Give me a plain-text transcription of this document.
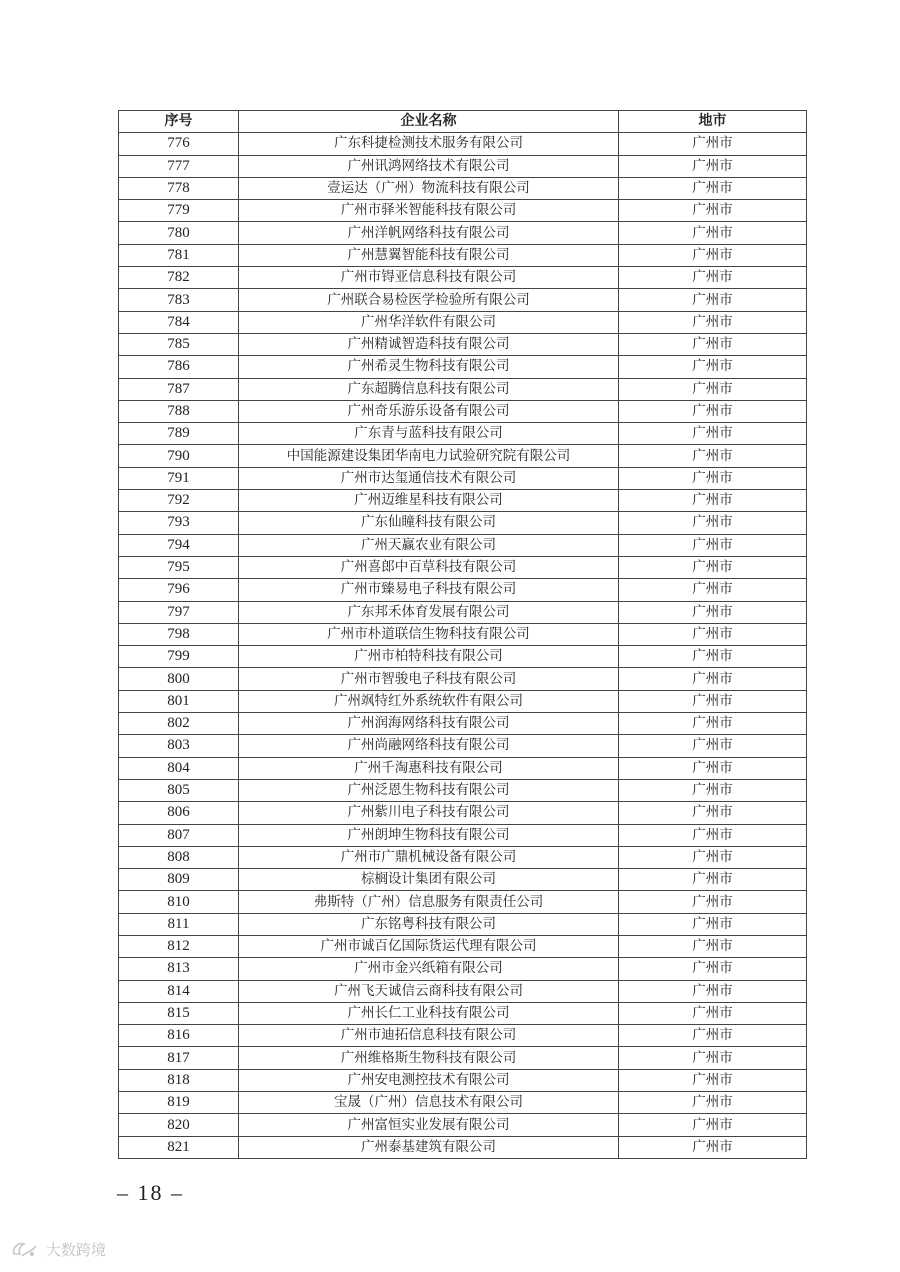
序号	企业名称	地市
776	广东科捷检测技术服务有限公司	广州市
777	广州讯鸿网络技术有限公司	广州市
778	壹运达（广州）物流科技有限公司	广州市
779	广州市驿米智能科技有限公司	广州市
780	广州洋帆网络科技有限公司	广州市
781	广州慧翼智能科技有限公司	广州市
782	广州市锝亚信息科技有限公司	广州市
783	广州联合易检医学检验所有限公司	广州市
784	广州华洋软件有限公司	广州市
785	广州精诚智造科技有限公司	广州市
786	广州希灵生物科技有限公司	广州市
787	广东超腾信息科技有限公司	广州市
788	广州奇乐游乐设备有限公司	广州市
789	广东青与蓝科技有限公司	广州市
790	中国能源建设集团华南电力试验研究院有限公司	广州市
791	广州市达玺通信技术有限公司	广州市
792	广州迈维星科技有限公司	广州市
793	广东仙瞳科技有限公司	广州市
794	广州天赢农业有限公司	广州市
795	广州喜郎中百草科技有限公司	广州市
796	广州市臻易电子科技有限公司	广州市
797	广东邦禾体育发展有限公司	广州市
798	广州市朴道联信生物科技有限公司	广州市
799	广州市柏特科技有限公司	广州市
800	广州市智骏电子科技有限公司	广州市
801	广州飒特红外系统软件有限公司	广州市
802	广州润海网络科技有限公司	广州市
803	广州尚融网络科技有限公司	广州市
804	广州千淘惠科技有限公司	广州市
805	广州泛恩生物科技有限公司	广州市
806	广州紫川电子科技有限公司	广州市
807	广州朗坤生物科技有限公司	广州市
808	广州市广鼎机械设备有限公司	广州市
809	棕榈设计集团有限公司	广州市
810	弗斯特（广州）信息服务有限责任公司	广州市
811	广东铭粤科技有限公司	广州市
812	广州市诚百亿国际货运代理有限公司	广州市
813	广州市金兴纸箱有限公司	广州市
814	广州飞天诚信云商科技有限公司	广州市
815	广州长仁工业科技有限公司	广州市
816	广州市迪拓信息科技有限公司	广州市
817	广州维格斯生物科技有限公司	广州市
818	广州安电测控技术有限公司	广州市
819	宝晟（广州）信息技术有限公司	广州市
820	广州富恒实业发展有限公司	广州市
821	广州泰基建筑有限公司	广州市
– 18 –
大数跨境
